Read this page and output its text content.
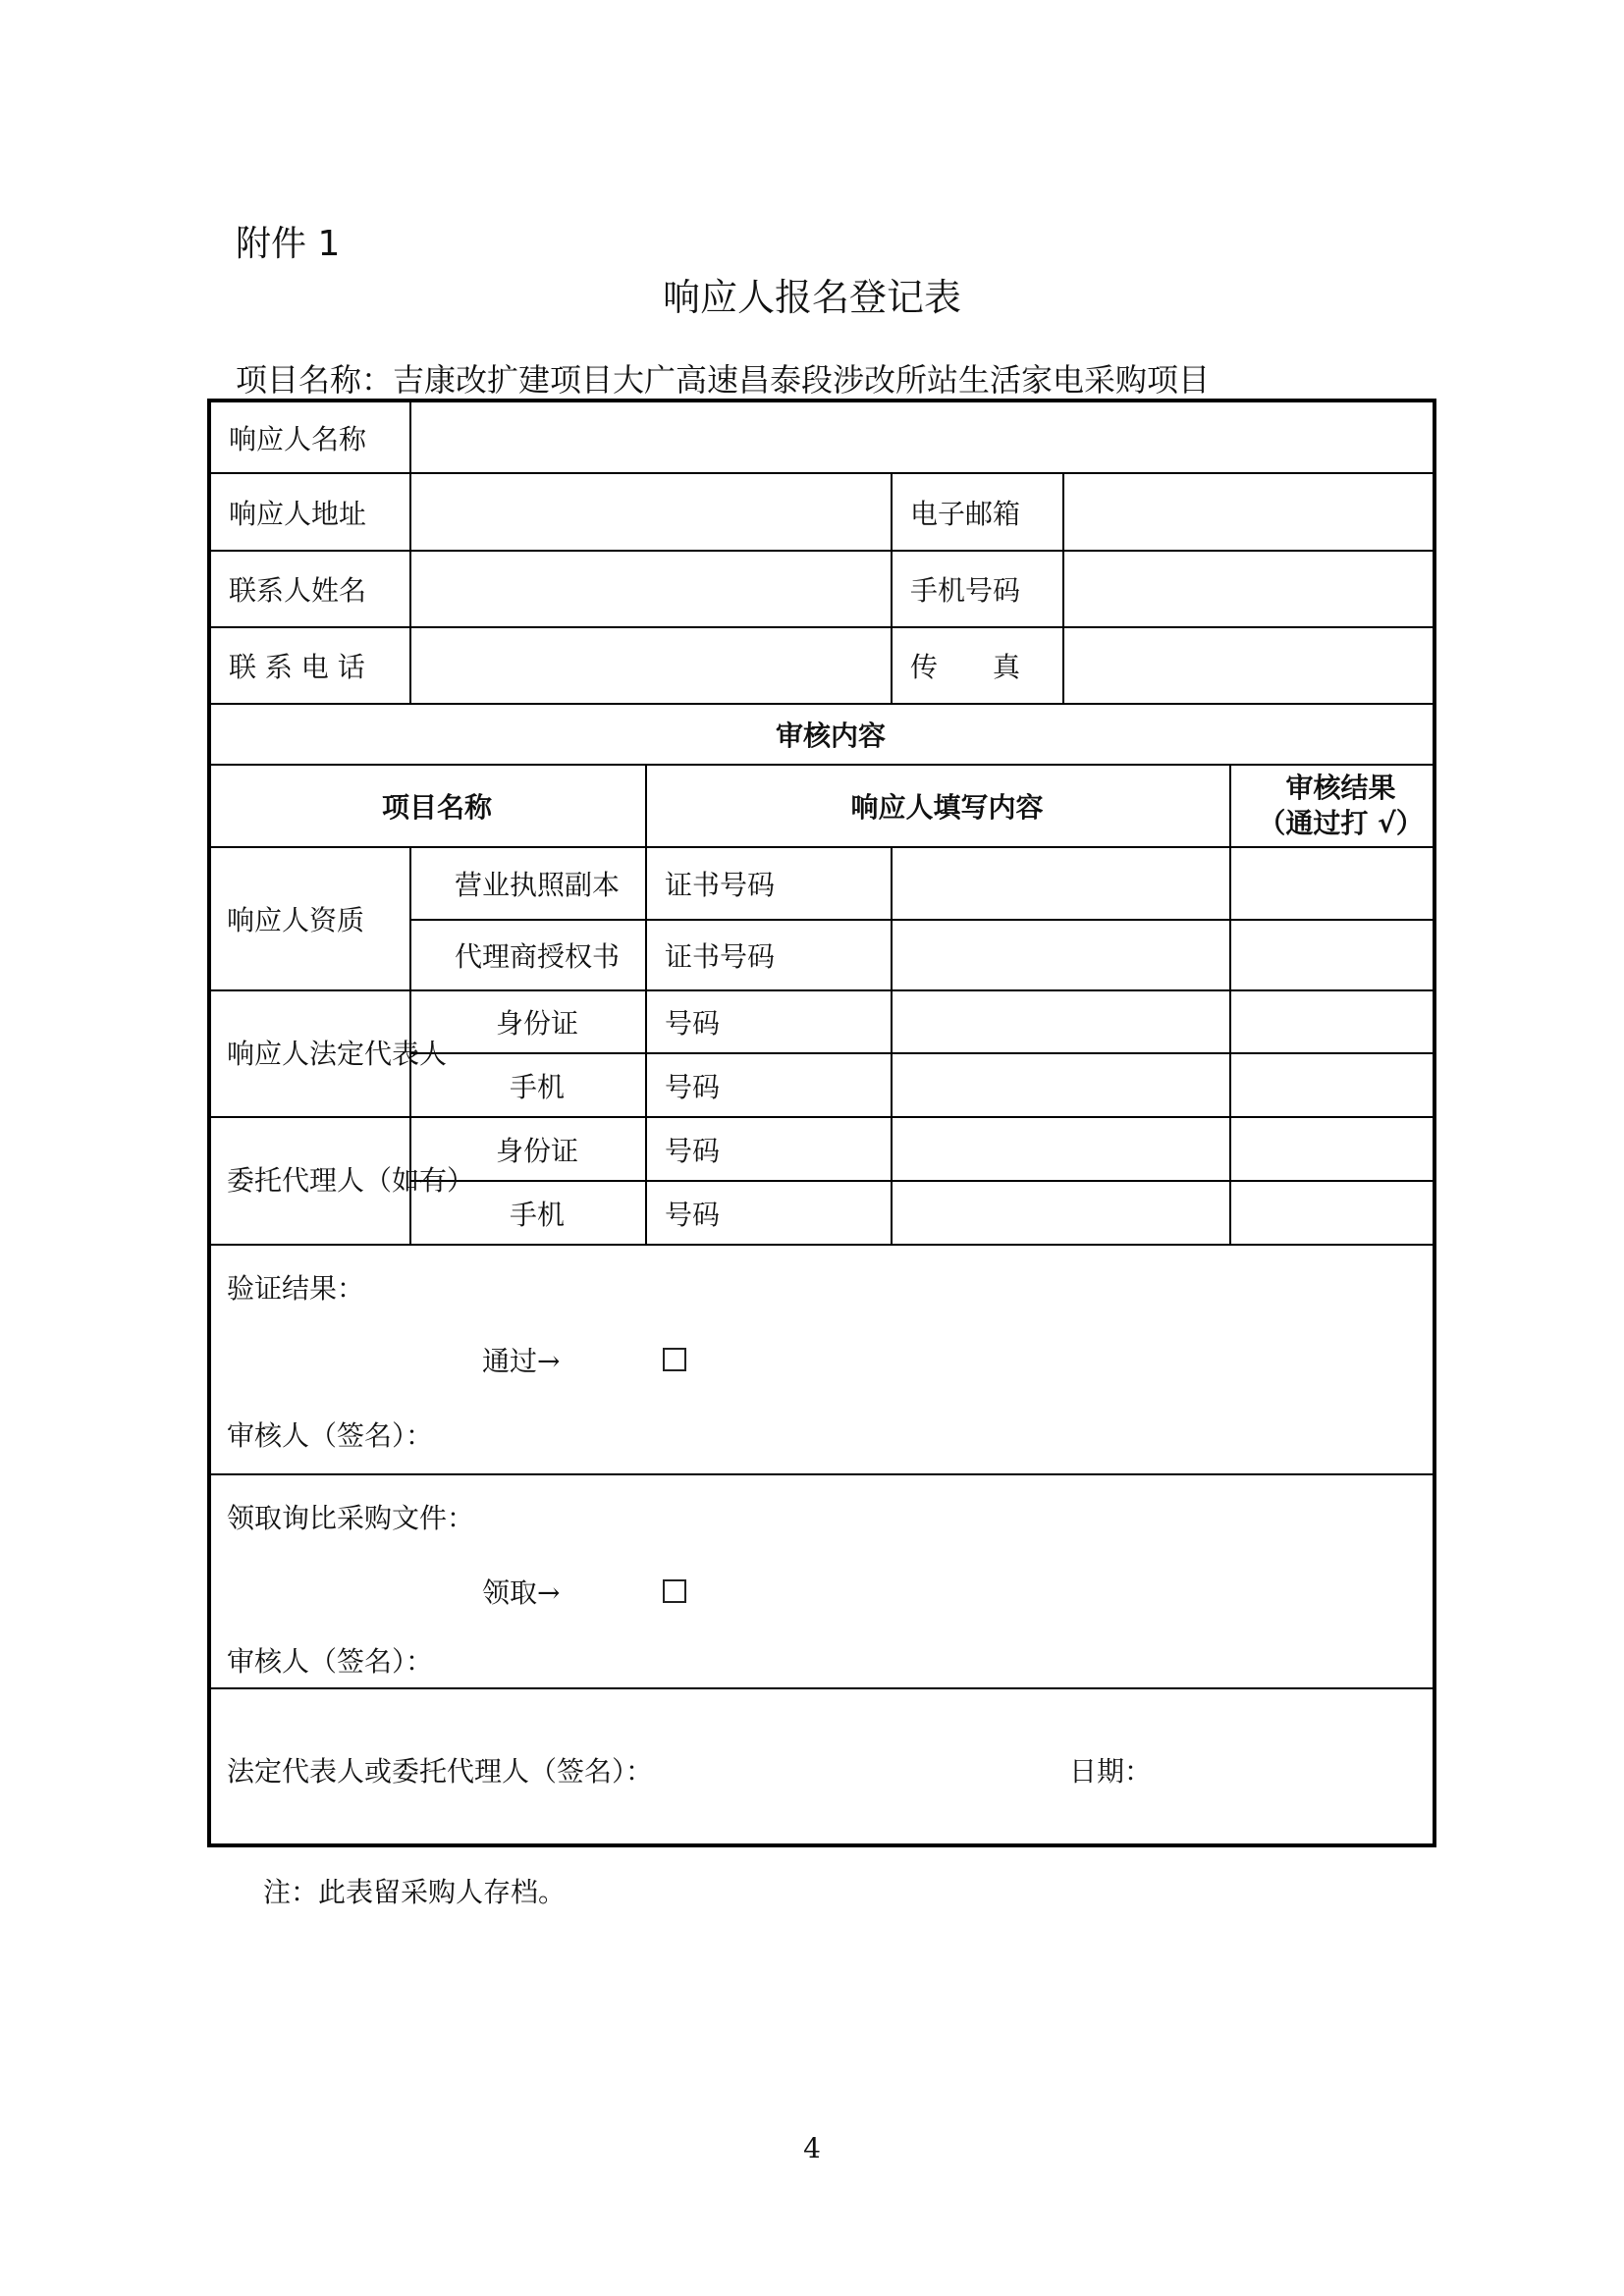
附件 1
响应人报名登记表
项目名称：吉康改扩建项目大广高速昌泰段涉改所站生活家电采购项目
响应人名称					
响应人地址			电子邮箱		
联系人姓名			手机号码		
联 系 电 话			传　　真		
审核内容					
项目名称		响应人填写内容			审核结果
（通过打 √）

响应人资质	营业执照副本	证书号码			
	代理商授权书	证书号码			
响应人法定代表人	身份证	号码			
	手机	号码			
委托代理人（如有）	身份证	号码			
	手机	号码			

验证结果：
通过→
审核人（签名）：					

领取询比采购文件：
领取→
审核人（签名）：					

法定代表人或委托代理人（签名）： 日期：					
注：此表留采购人存档。
4
